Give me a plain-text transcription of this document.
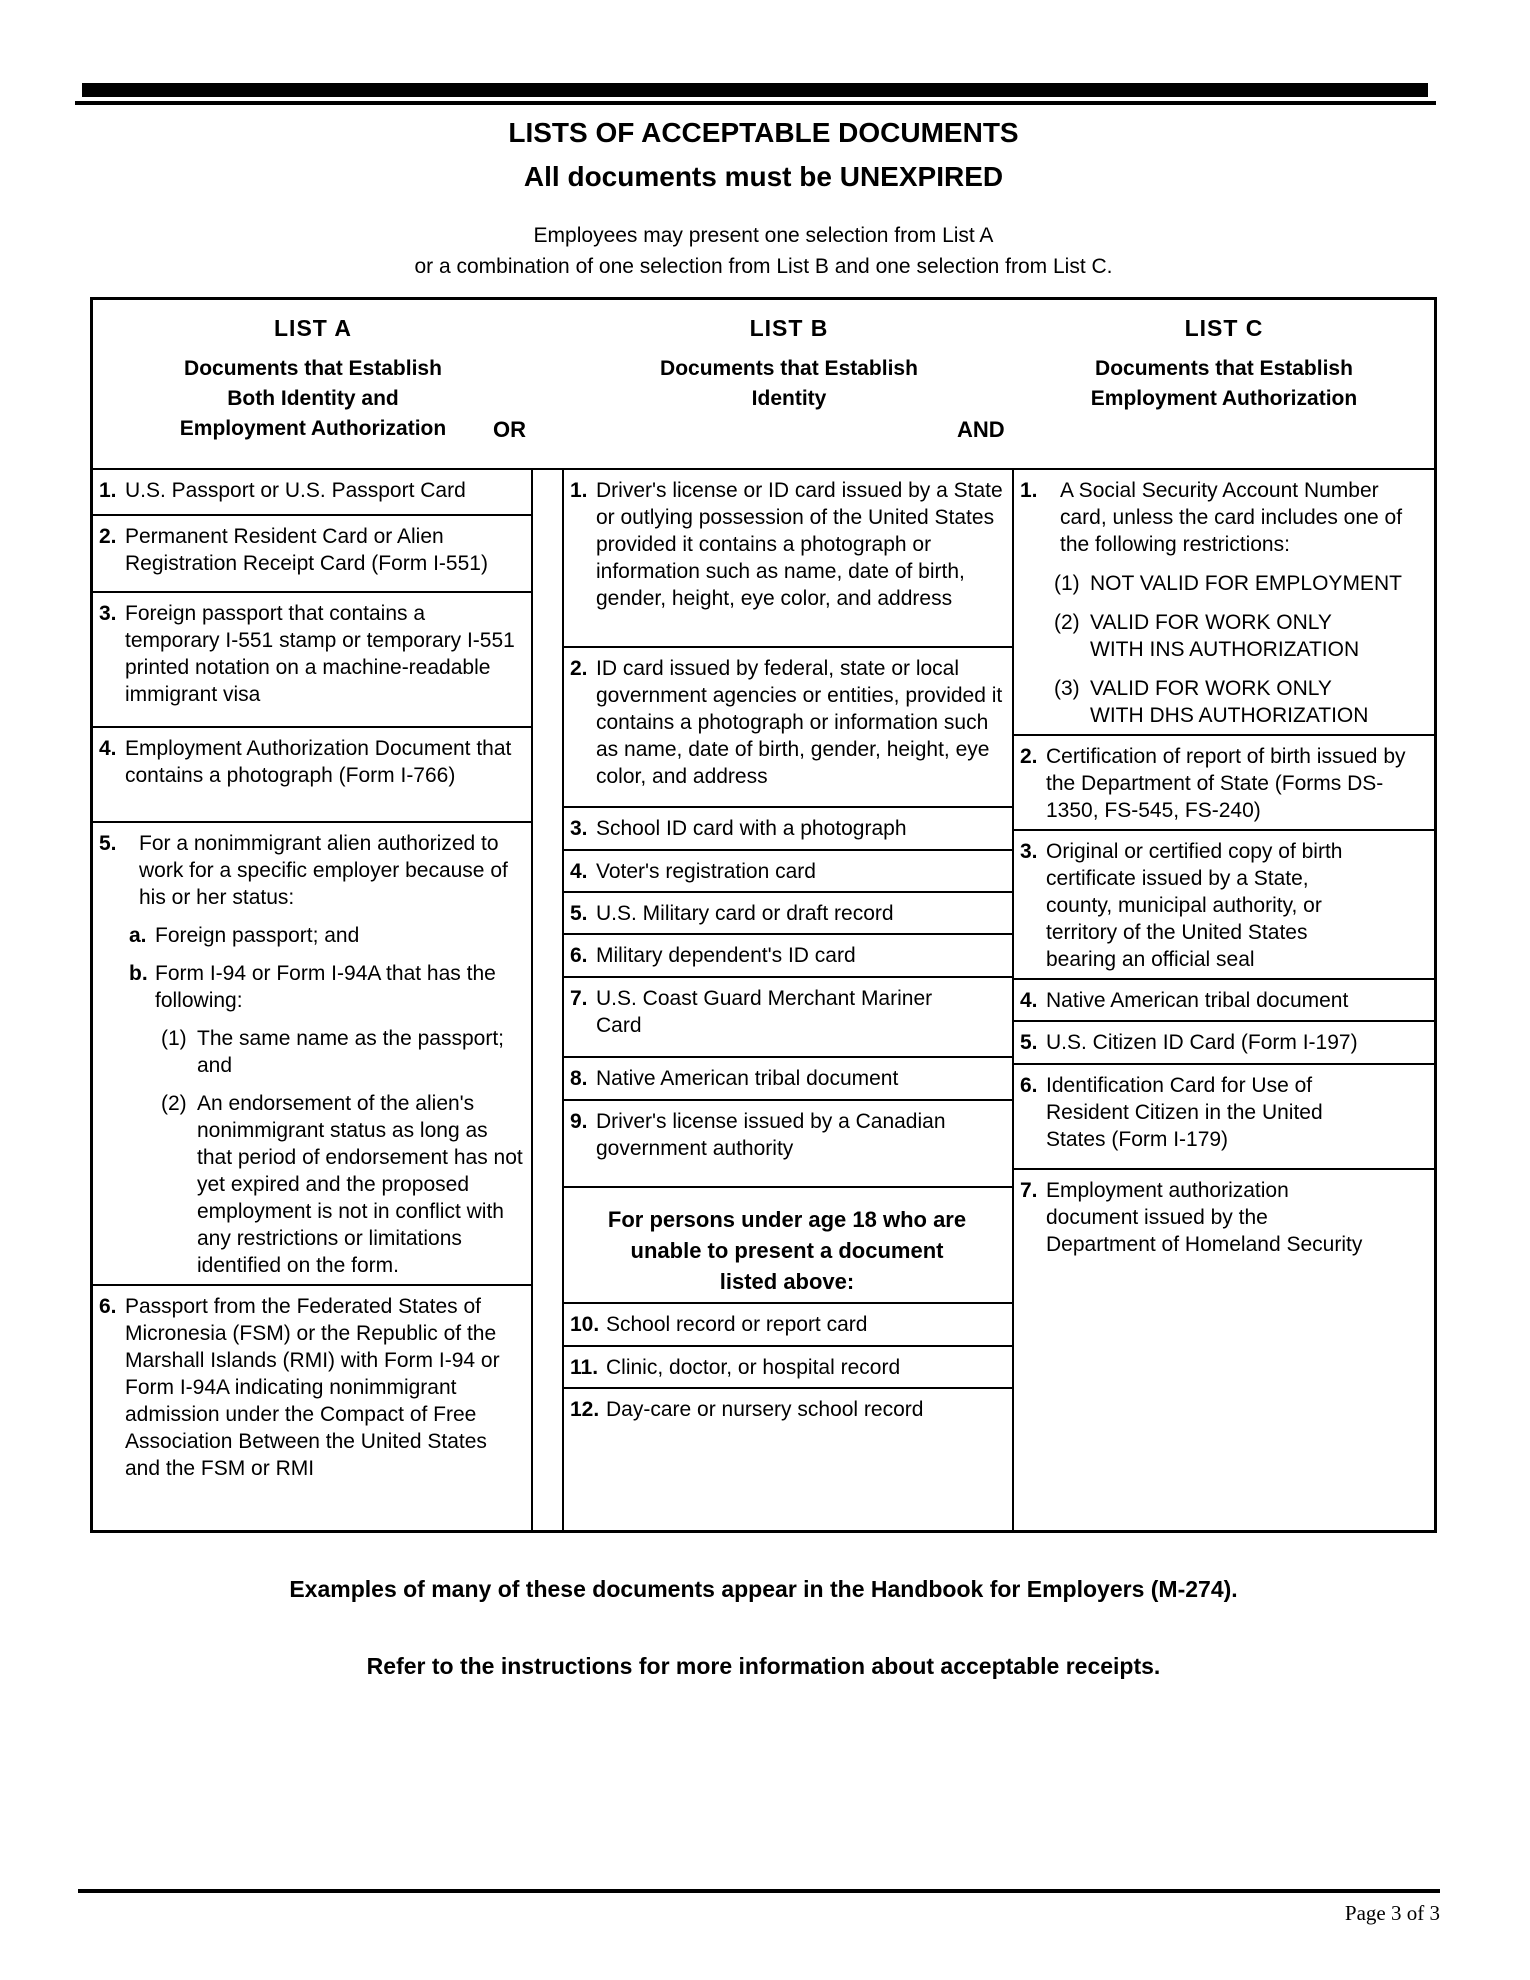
LISTS OF ACCEPTABLE DOCUMENTS
All documents must be UNEXPIRED
Employees may present one selection from List A
or a combination of one selection from List B and one selection from List C.
LIST A
Documents that Establish
Both Identity and
Employment Authorization
LIST B
Documents that Establish
Identity
LIST C
Documents that Establish
Employment Authorization
OR	AND
1. U.S. Passport or U.S. Passport Card
2. Permanent Resident Card or Alien Registration Receipt Card (Form I-551)
3. Foreign passport that contains a temporary I-551 stamp or temporary I-551 printed notation on a machine-readable immigrant visa
4. Employment Authorization Document that contains a photograph (Form I-766)
5.	For a nonimmigrant alien authorized to work for a specific employer because of his or her status:
a. Foreign passport; and
b. Form I-94 or Form I-94A that has the following:
(1) The same name as the passport; and
(2) An endorsement of the alien's nonimmigrant status as long as that period of endorsement has not yet expired and the proposed employment is not in conflict with any restrictions or limitations identified on the form.
6. Passport from the Federated States of Micronesia (FSM) or the Republic of the Marshall Islands (RMI) with Form I-94 or Form I-94A indicating nonimmigrant admission under the Compact of Free Association Between the United States and the FSM or RMI
1. Driver's license or ID card issued by a State or outlying possession of the United States provided it contains a photograph or information such as name, date of birth, gender, height, eye color, and address
2. ID card issued by federal, state or local government agencies or entities, provided it contains a photograph or information such as name, date of birth, gender, height, eye color, and address
3. School ID card with a photograph
4. Voter's registration card
5. U.S. Military card or draft record
6. Military dependent's ID card
7. U.S. Coast Guard Merchant Mariner Card
8. Native American tribal document
9. Driver's license issued by a Canadian government authority
For persons under age 18 who are
unable to present a document
listed above:
10. School record or report card
11. Clinic, doctor, or hospital record
12. Day-care or nursery school record
1.	A Social Security Account Number card, unless the card includes one of the following restrictions:
(1) NOT VALID FOR EMPLOYMENT
(2) VALID FOR WORK ONLY WITH INS AUTHORIZATION
(3) VALID FOR WORK ONLY WITH DHS AUTHORIZATION
2. Certification of report of birth issued by the Department of State (Forms DS-1350, FS-545, FS-240)
3. Original or certified copy of birth certificate issued by a State, county, municipal authority, or territory of the United States bearing an official seal
4. Native American tribal document
5. U.S. Citizen ID Card (Form I-197)
6. Identification Card for Use of Resident Citizen in the United States (Form I-179)
7. Employment authorization document issued by the Department of Homeland Security
Examples of many of these documents appear in the Handbook for Employers (M-274).
Refer to the instructions for more information about acceptable receipts.
Page 3 of 3
